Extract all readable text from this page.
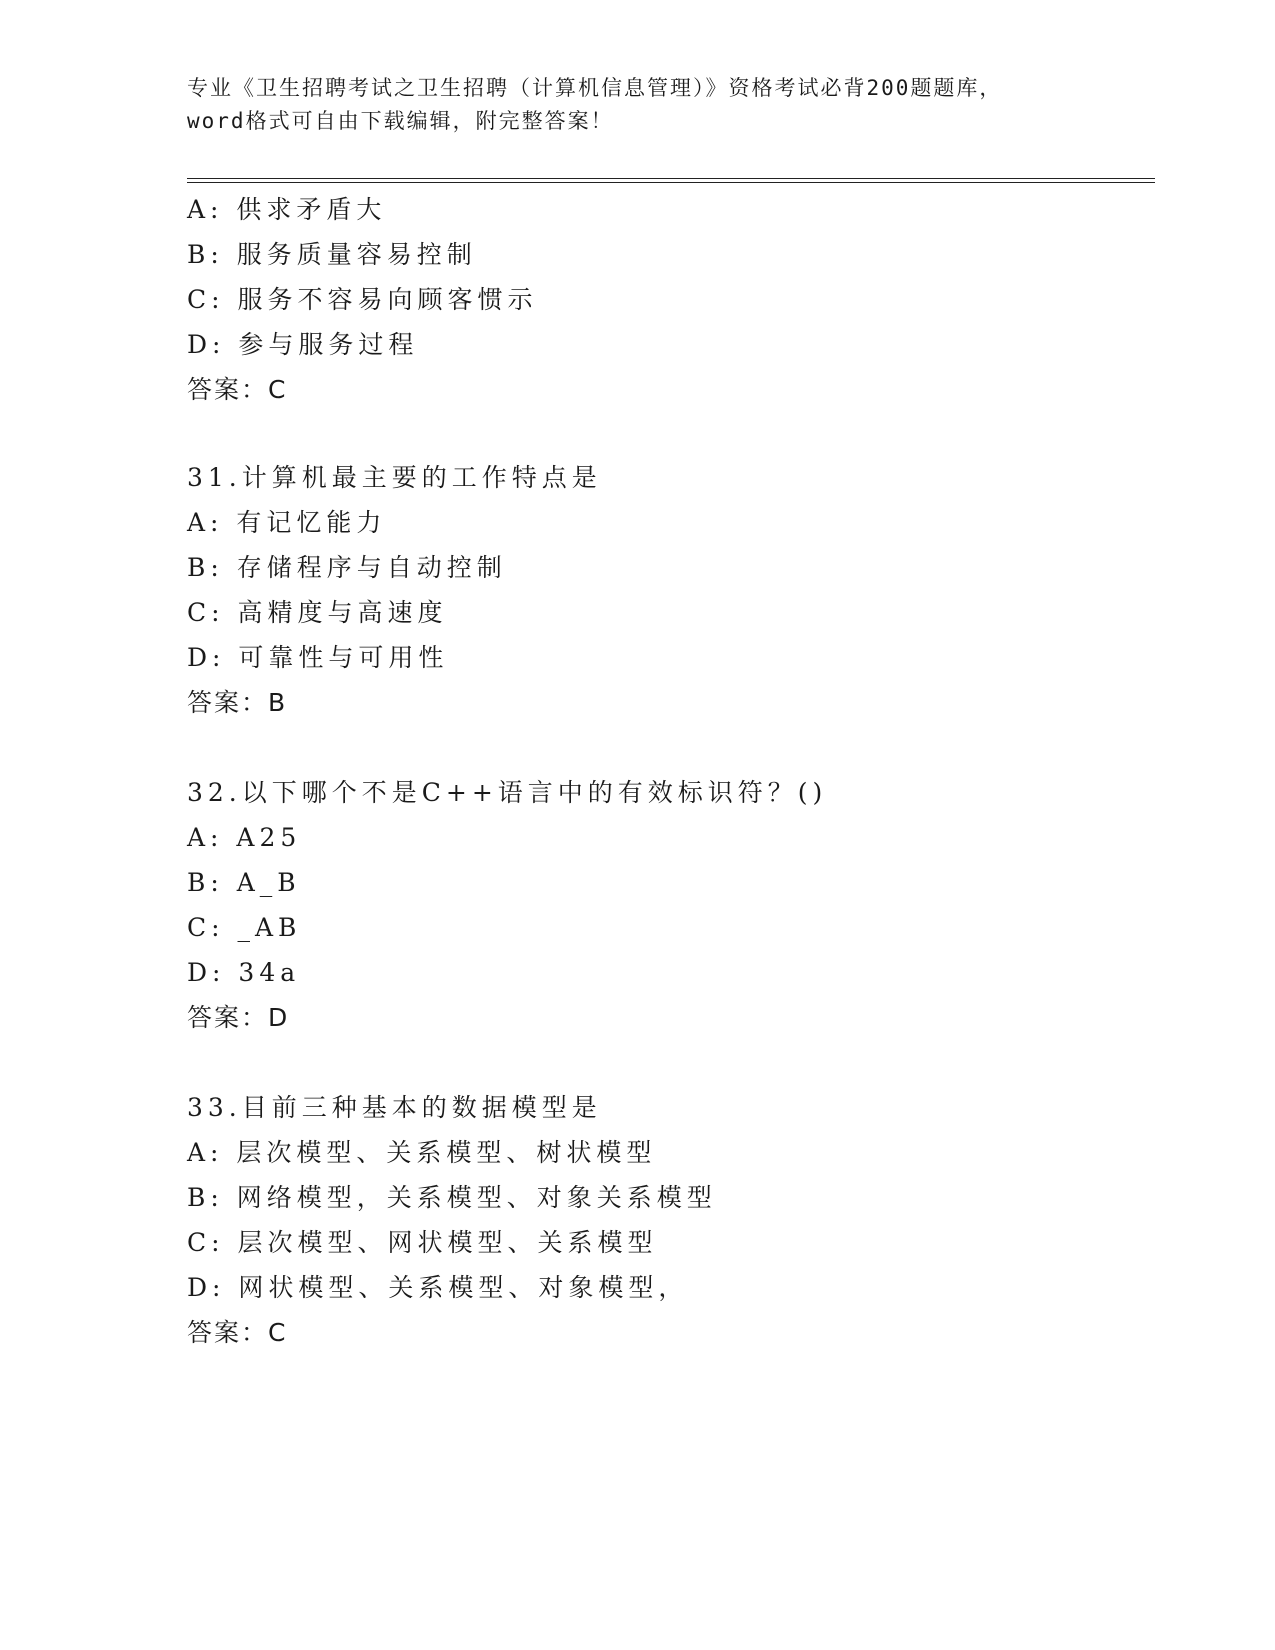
专业《卫生招聘考试之卫生招聘（计算机信息管理）》资格考试必背200题题库，
word格式可自由下载编辑，附完整答案！
A: 供求矛盾大
B: 服务质量容易控制
C: 服务不容易向顾客惯示
D: 参与服务过程
答案：C
31.计算机最主要的工作特点是
A: 有记忆能力
B: 存储程序与自动控制
C: 高精度与高速度
D: 可靠性与可用性
答案：B
32.以下哪个不是C++语言中的有效标识符？()
A: A25
B: A_B
C: _AB
D: 34a
答案：D
33.目前三种基本的数据模型是
A: 层次模型、关系模型、树状模型
B: 网络模型，关系模型、对象关系模型
C: 层次模型、网状模型、关系模型
D: 网状模型、关系模型、对象模型，
答案：C
